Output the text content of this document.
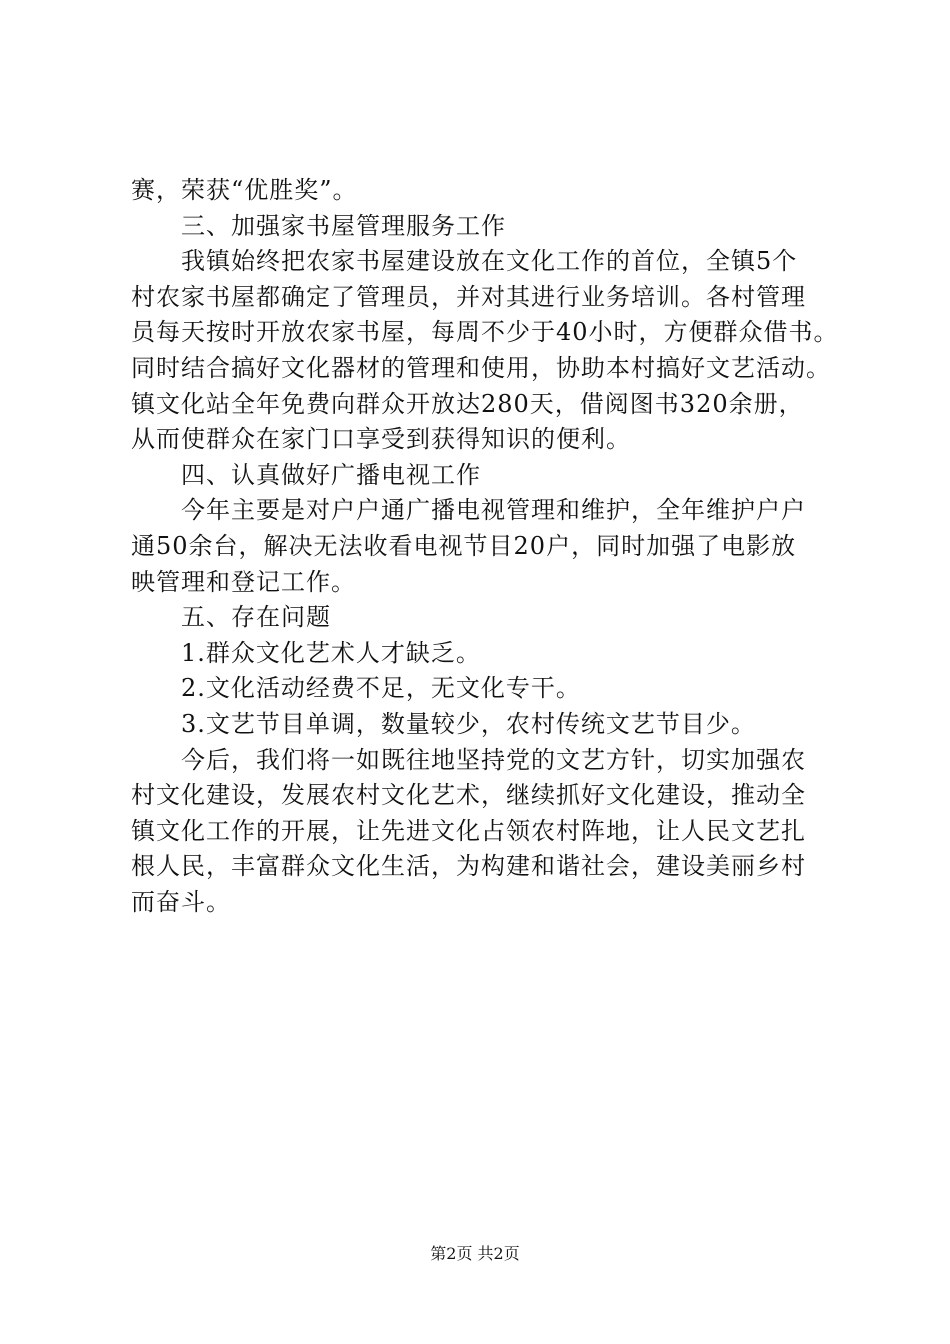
赛，荣获“优胜奖”。
三、加强家书屋管理服务工作
我镇始终把农家书屋建设放在文化工作的首位，全镇5个
村农家书屋都确定了管理员，并对其进行业务培训。各村管理
员每天按时开放农家书屋，每周不少于40小时，方便群众借书。
同时结合搞好文化器材的管理和使用，协助本村搞好文艺活动。
镇文化站全年免费向群众开放达280天，借阅图书320余册，
从而使群众在家门口享受到获得知识的便利。
四、认真做好广播电视工作
今年主要是对户户通广播电视管理和维护，全年维护户户
通50余台，解决无法收看电视节目20户，同时加强了电影放
映管理和登记工作。
五、存在问题
1.群众文化艺术人才缺乏。
2.文化活动经费不足，无文化专干。
3.文艺节目单调，数量较少，农村传统文艺节目少。
今后，我们将一如既往地坚持党的文艺方针，切实加强农
村文化建设，发展农村文化艺术，继续抓好文化建设，推动全
镇文化工作的开展，让先进文化占领农村阵地，让人民文艺扎
根人民，丰富群众文化生活，为构建和谐社会，建设美丽乡村
而奋斗。
第2页 共2页
